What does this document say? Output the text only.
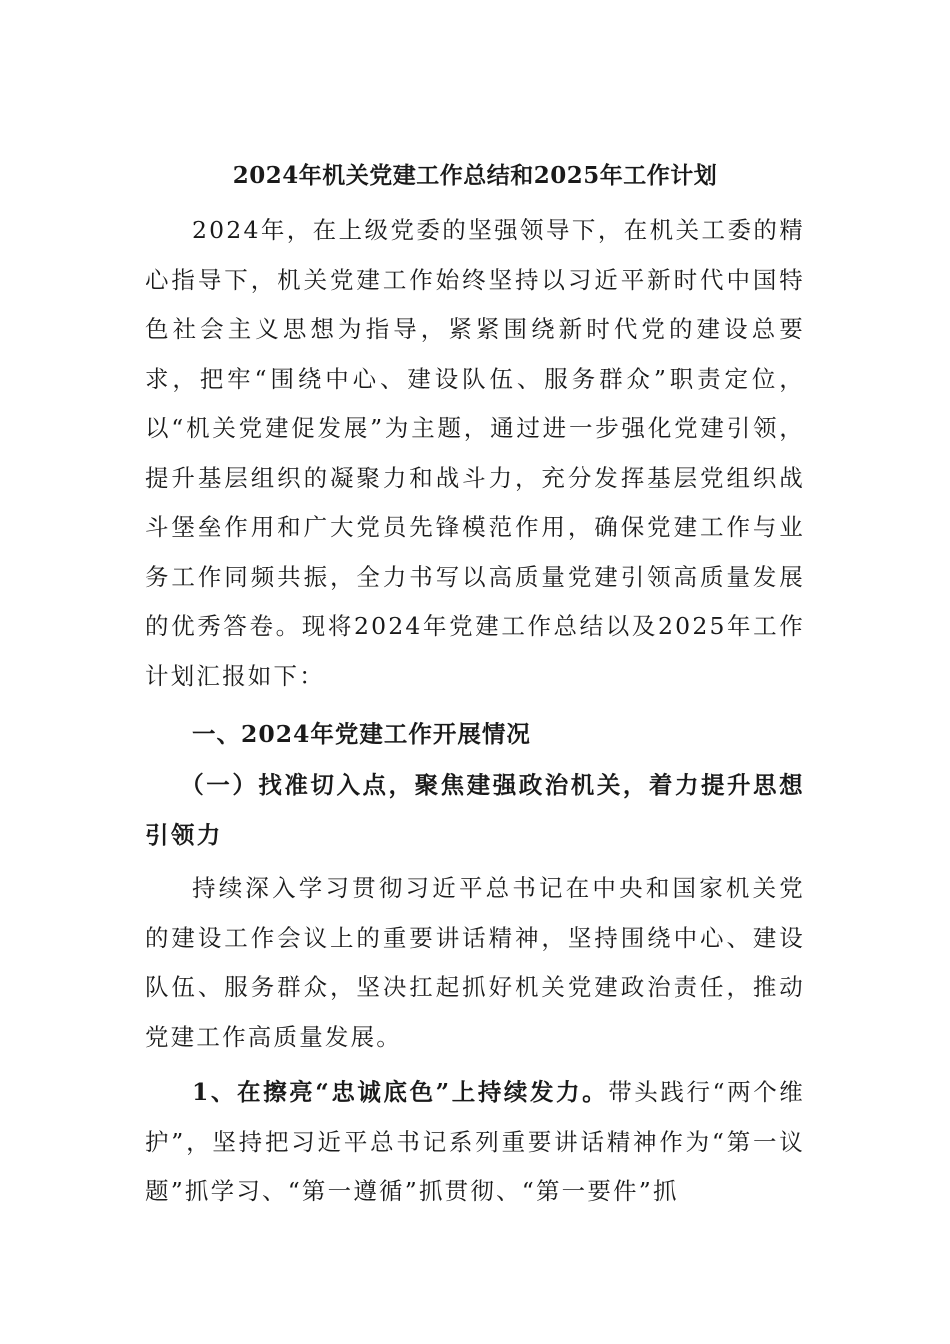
2024年机关党建工作总结和2025年工作计划

2024年，在上级党委的坚强领导下，在机关工委的精心指导下，机关党建工作始终坚持以习近平新时代中国特色社会主义思想为指导，紧紧围绕新时代党的建设总要求，把牢“围绕中心、建设队伍、服务群众”职责定位，以“机关党建促发展”为主题，通过进一步强化党建引领，提升基层组织的凝聚力和战斗力，充分发挥基层党组织战斗堡垒作用和广大党员先锋模范作用，确保党建工作与业务工作同频共振，全力书写以高质量党建引领高质量发展的优秀答卷。现将2024年党建工作总结以及2025年工作计划汇报如下：

一、2024年党建工作开展情况

（一）找准切入点，聚焦建强政治机关，着力提升思想引领力

持续深入学习贯彻习近平总书记在中央和国家机关党的建设工作会议上的重要讲话精神，坚持围绕中心、建设队伍、服务群众，坚决扛起抓好机关党建政治责任，推动党建工作高质量发展。

1、在擦亮“忠诚底色”上持续发力。带头践行“两个维护”，坚持把习近平总书记系列重要讲话精神作为“第一议题”抓学习、“第一遵循”抓贯彻、“第一要件”抓
